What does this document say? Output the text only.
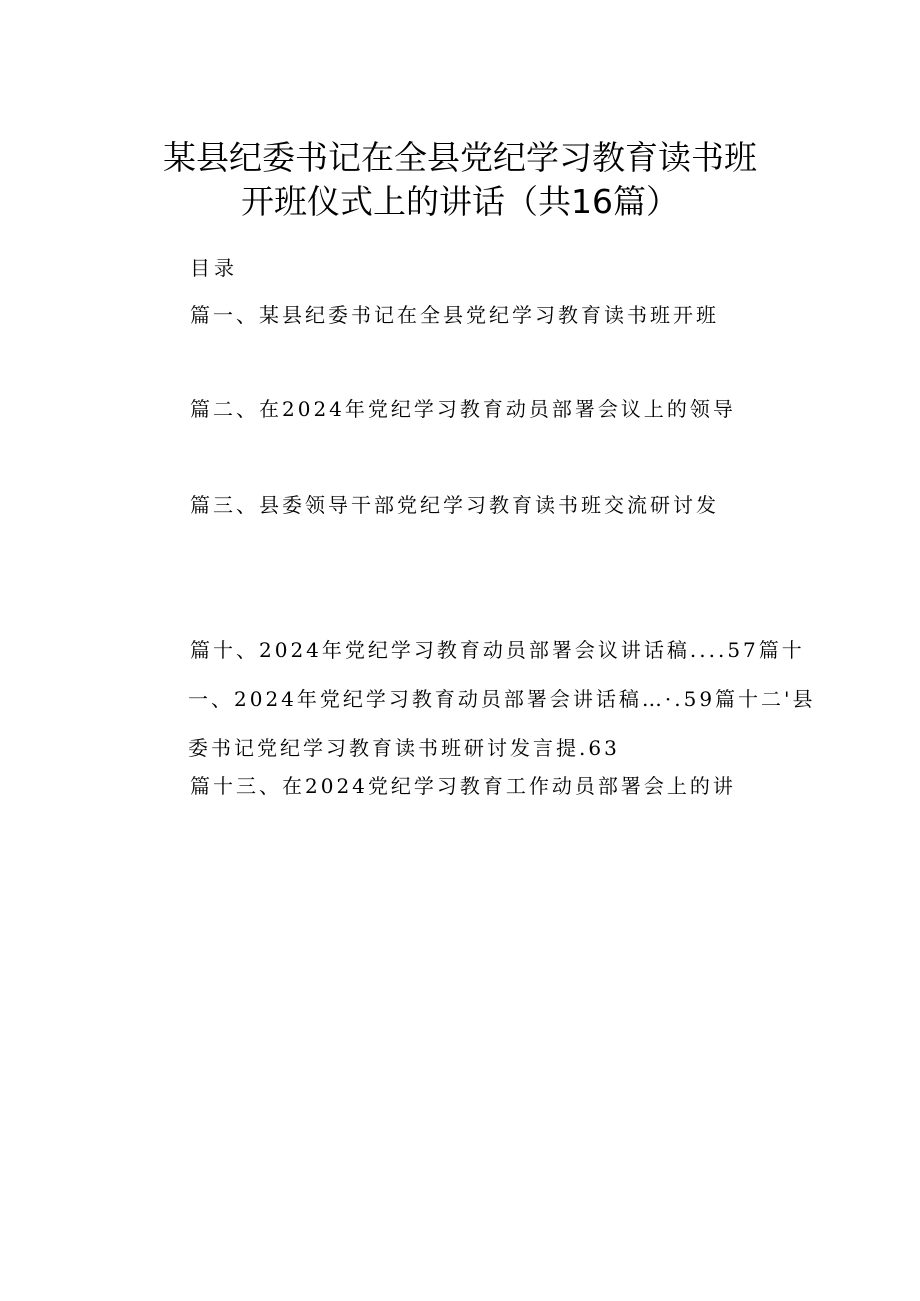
某县纪委书记在全县党纪学习教育读书班
开班仪式上的讲话（共16篇）
目录
篇一、某县纪委书记在全县党纪学习教育读书班开班
篇二、在2024年党纪学习教育动员部署会议上的领导
篇三、县委领导干部党纪学习教育读书班交流研讨发
篇十、2024年党纪学习教育动员部署会议讲话稿....57篇十
一、2024年党纪学习教育动员部署会讲话稿…·.59篇十二'县
委书记党纪学习教育读书班研讨发言提.63
篇十三、在2024党纪学习教育工作动员部署会上的讲
